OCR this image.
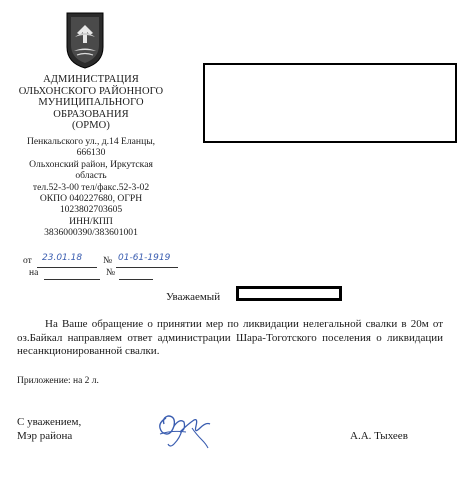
АДМИНИСТРАЦИЯ
ОЛЬХОНСКОГО РАЙОННОГО
МУНИЦИПАЛЬНОГО
ОБРАЗОВАНИЯ
(ОРМО)
Пенкальского ул., д.14 Еланцы,
666130
Ольхонский район, Иркутская
область
тел.52-3-00 тел/факс.52-3-02
ОКПО 040227680, ОГРН
1023802703605
ИНН/КПП
3836000390/383601001
от 23.01.18 № 01-61-1919
на	№
Уважаемый
На Ваше обращение о принятии мер по ликвидации нелегальной свалки в 20м от оз.Байкал направляем ответ администрации Шара-Тоготского поселения о ликвидации несанкционированной свалки.
Приложение: на 2 л.
С уважением,
Мэр района	А.А. Тыхеев
